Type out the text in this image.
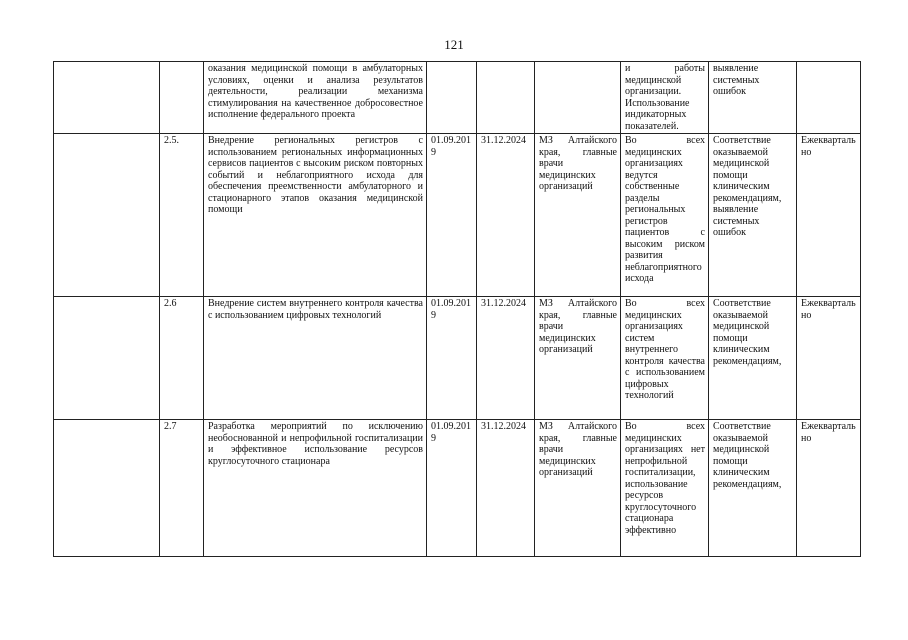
121
		оказания медицинской помощи в амбулаторных условиях, оценки и анализа результатов деятельности, реализации механизма стимулирования на качественное добросовестное исполнение федерального проекта				и работы медицинской организации. Использование индикаторных показателей.	выявление системных ошибок	
	2.5.	Внедрение региональных регистров с использованием региональных информационных сервисов пациентов с высоким риском повторных событий и неблагоприятного исхода для обеспечения преемственности амбулаторного и стационарного этапов оказания медицинской помощи	01.09.2019	31.12.2024	МЗ Алтайского края, главные врачи медицинских организаций	Во всех медицинских организациях ведутся собственные разделы региональных регистров пациентов с высоким риском развития неблагоприятного исхода	Соответствие оказываемой медицинской помощи клиническим рекомендациям, выявление системных ошибок	Ежеквартально
	2.6	Внедрение систем внутреннего контроля качества с использованием цифровых технологий	01.09.2019	31.12.2024	МЗ Алтайского края, главные врачи медицинских организаций	Во всех медицинских организациях систем внутреннего контроля качества с использованием цифровых технологий	Соответствие оказываемой медицинской помощи клиническим рекомендациям,	Ежеквартально
	2.7	Разработка мероприятий по исключению необоснованной и непрофильной госпитализации и эффективное использование ресурсов круглосуточного стационара	01.09.2019	31.12.2024	МЗ Алтайского края, главные врачи медицинских организаций	Во всех медицинских организациях нет непрофильной госпитализации, использование ресурсов круглосуточного стационара эффективно	Соответствие оказываемой медицинской помощи клиническим рекомендациям,	Ежеквартально
